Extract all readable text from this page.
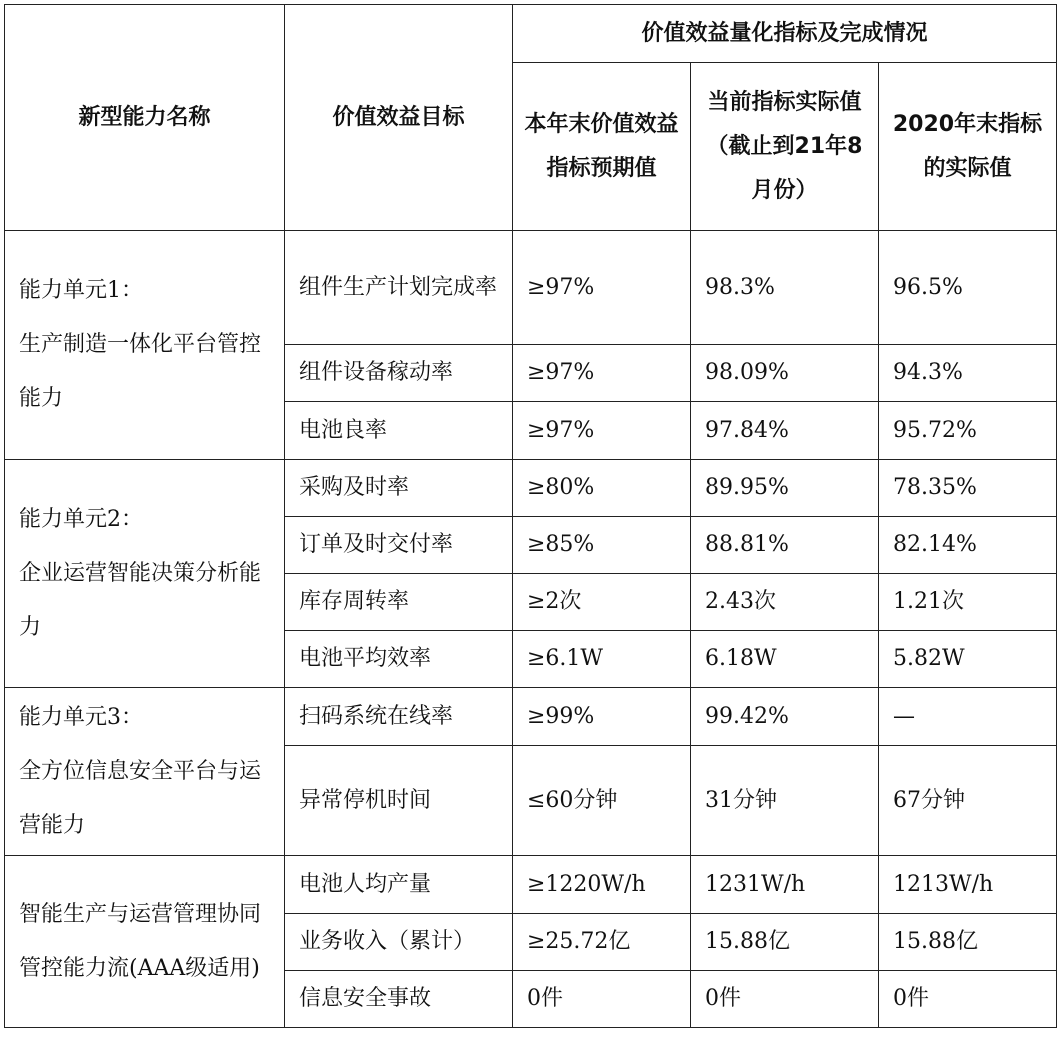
新型能力名称	价值效益目标	价值效益量化指标及完成情况		
		本年末价值效益指标预期值	当前指标实际值（截止到21年8月份）	2020年末指标的实际值

能力单元1：
生产制造一体化平台管控能力	组件生产计划完成率	≥97%	98.3%	96.5%
	组件设备稼动率	≥97%	98.09%	94.3%
	电池良率	≥97%	97.84%	95.72%

能力单元2：
企业运营智能决策分析能力	采购及时率	≥80%	89.95%	78.35%
	订单及时交付率	≥85%	88.81%	82.14%
	库存周转率	≥2次	2.43次	1.21次
	电池平均效率	≥6.1W	6.18W	5.82W

能力单元3：
全方位信息安全平台与运营能力	扫码系统在线率	≥99%	99.42%	—
	异常停机时间	≤60分钟	31分钟	67分钟

智能生产与运营管理协同管控能力流(AAA级适用)	电池人均产量	≥1220W/h	1231W/h	1213W/h
	业务收入（累计）	≥25.72亿	15.88亿	15.88亿
	信息安全事故	0件	0件	0件
